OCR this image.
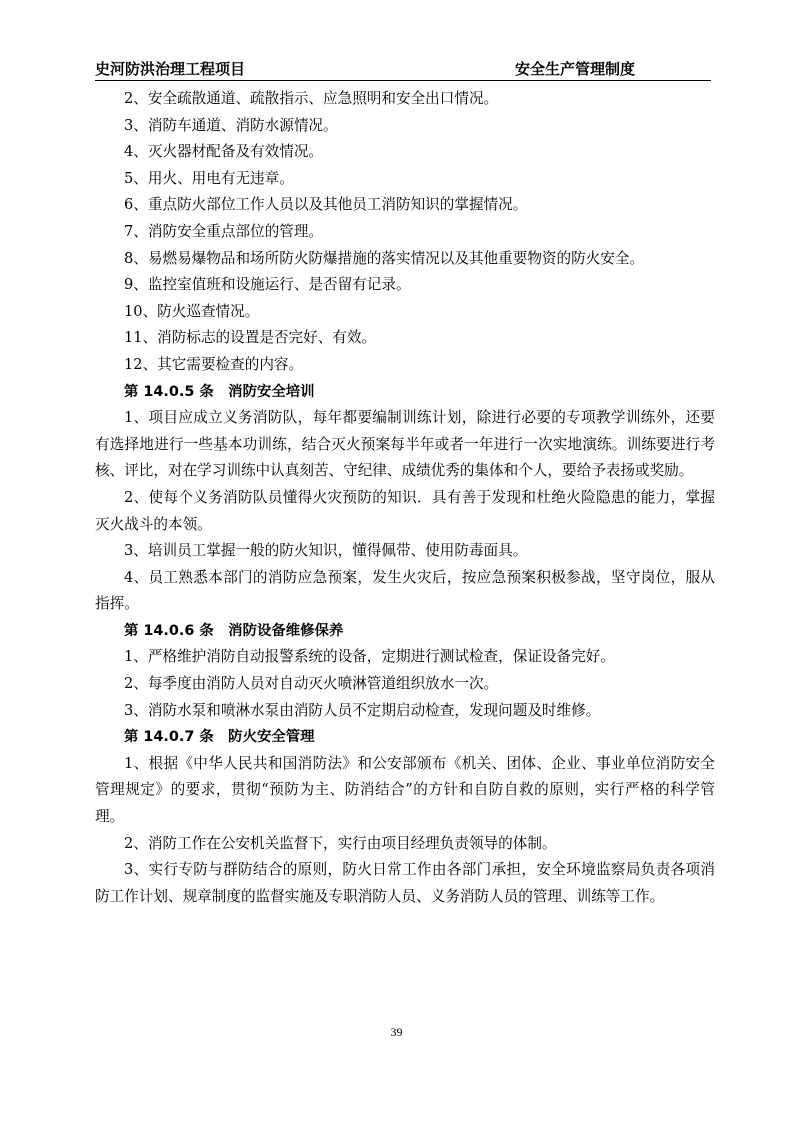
史河防洪治理工程项目	安全生产管理制度

2、安全疏散通道、疏散指示、应急照明和安全出口情况。

3、消防车通道、消防水源情况。

4、灭火器材配备及有效情况。

5、用火、用电有无违章。

6、重点防火部位工作人员以及其他员工消防知识的掌握情况。

7、消防安全重点部位的管理。

8、易燃易爆物品和场所防火防爆措施的落实情况以及其他重要物资的防火安全。

9、监控室值班和设施运行、是否留有记录。

10、防火巡查情况。

11、消防标志的设置是否完好、有效。

12、其它需要检查的内容。

第 14.0.5 条　消防安全培训

1、项目应成立义务消防队，每年都要编制训练计划，除进行必要的专项教学训练外，还要有选择地进行一些基本功训练，结合灭火预案每半年或者一年进行一次实地演练。训练要进行考核、评比，对在学习训练中认真刻苦、守纪律、成绩优秀的集体和个人，要给予表扬或奖励。

2、使每个义务消防队员懂得火灾预防的知识．具有善于发现和杜绝火险隐患的能力，掌握灭火战斗的本领。

3、培训员工掌握一般的防火知识，懂得佩带、使用防毒面具。

4、员工熟悉本部门的消防应急预案，发生火灾后，按应急预案积极参战，坚守岗位，服从指挥。

第 14.0.6 条　消防设备维修保养

1、严格维护消防自动报警系统的设备，定期进行测试检查，保证设备完好。

2、每季度由消防人员对自动灭火喷淋管道组织放水一次。

3、消防水泵和喷淋水泵由消防人员不定期启动检查，发现问题及时维修。

第 14.0.7 条　防火安全管理

1、根据《中华人民共和国消防法》和公安部颁布《机关、团体、企业、事业单位消防安全管理规定》的要求，贯彻“预防为主、防消结合”的方针和自防自救的原则，实行严格的科学管理。

2、消防工作在公安机关监督下，实行由项目经理负责领导的体制。

3、实行专防与群防结合的原则，防火日常工作由各部门承担，安全环境监察局负责各项消防工作计划、规章制度的监督实施及专职消防人员、义务消防人员的管理、训练等工作。

39
